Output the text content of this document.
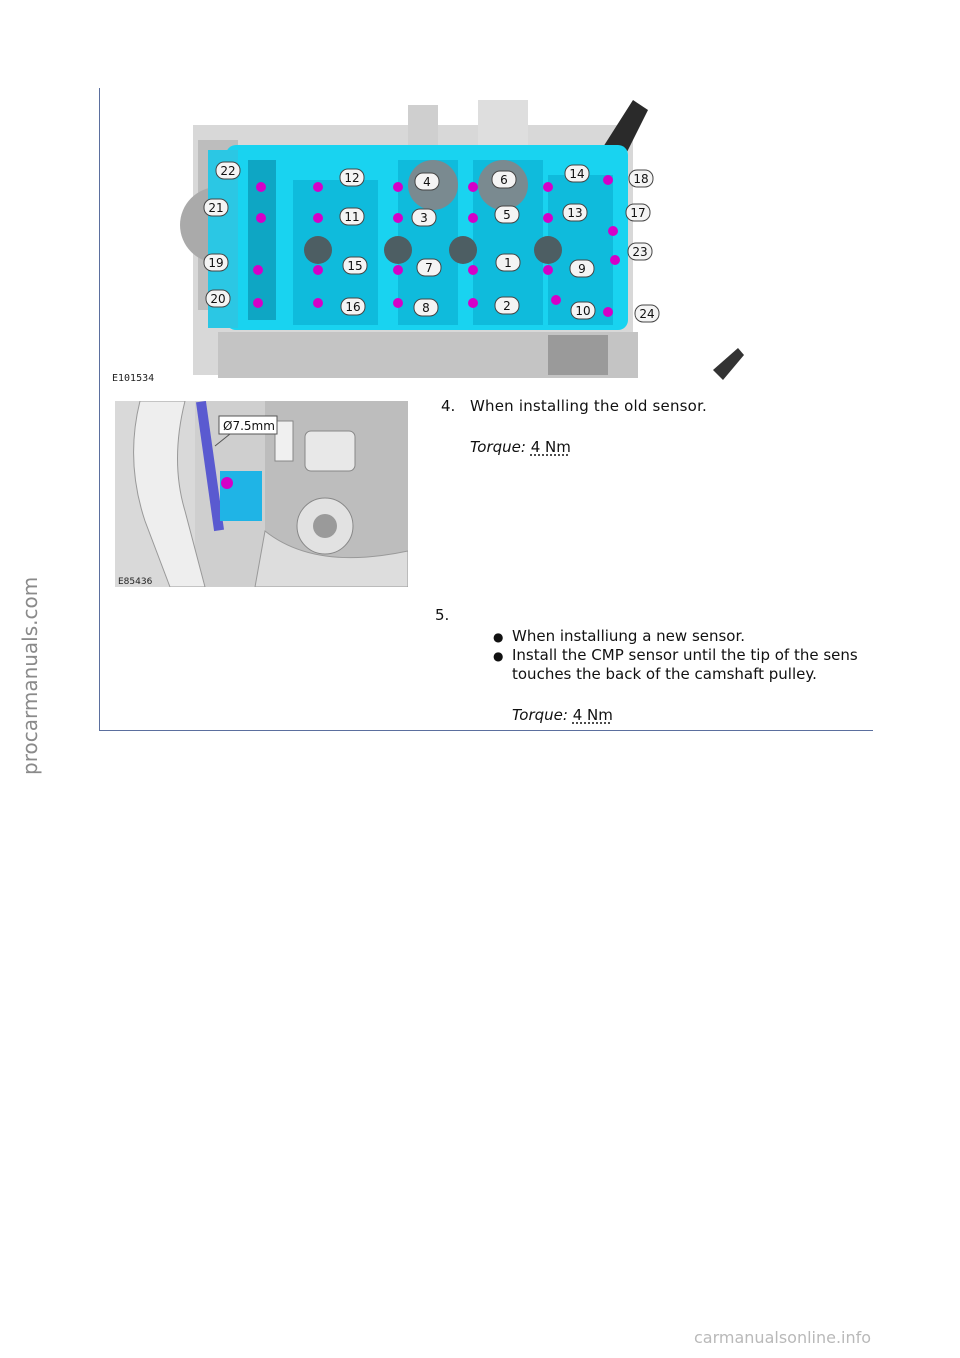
22	12	4	6	14	18
21
11	3	5	13	17
23
19	15	7	1	9
20
16	8	2	10	24
E101534
Ø7.5mm
E85436
4. When installing the old sensor.
Torque: 4 Nm
5.
● When installiung a new sensor.
● Install the CMP sensor until the tip of the sens
touches the back of the camshaft pulley.
Torque: 4 Nm
procarmanuals.com
carmanualsonline.info
